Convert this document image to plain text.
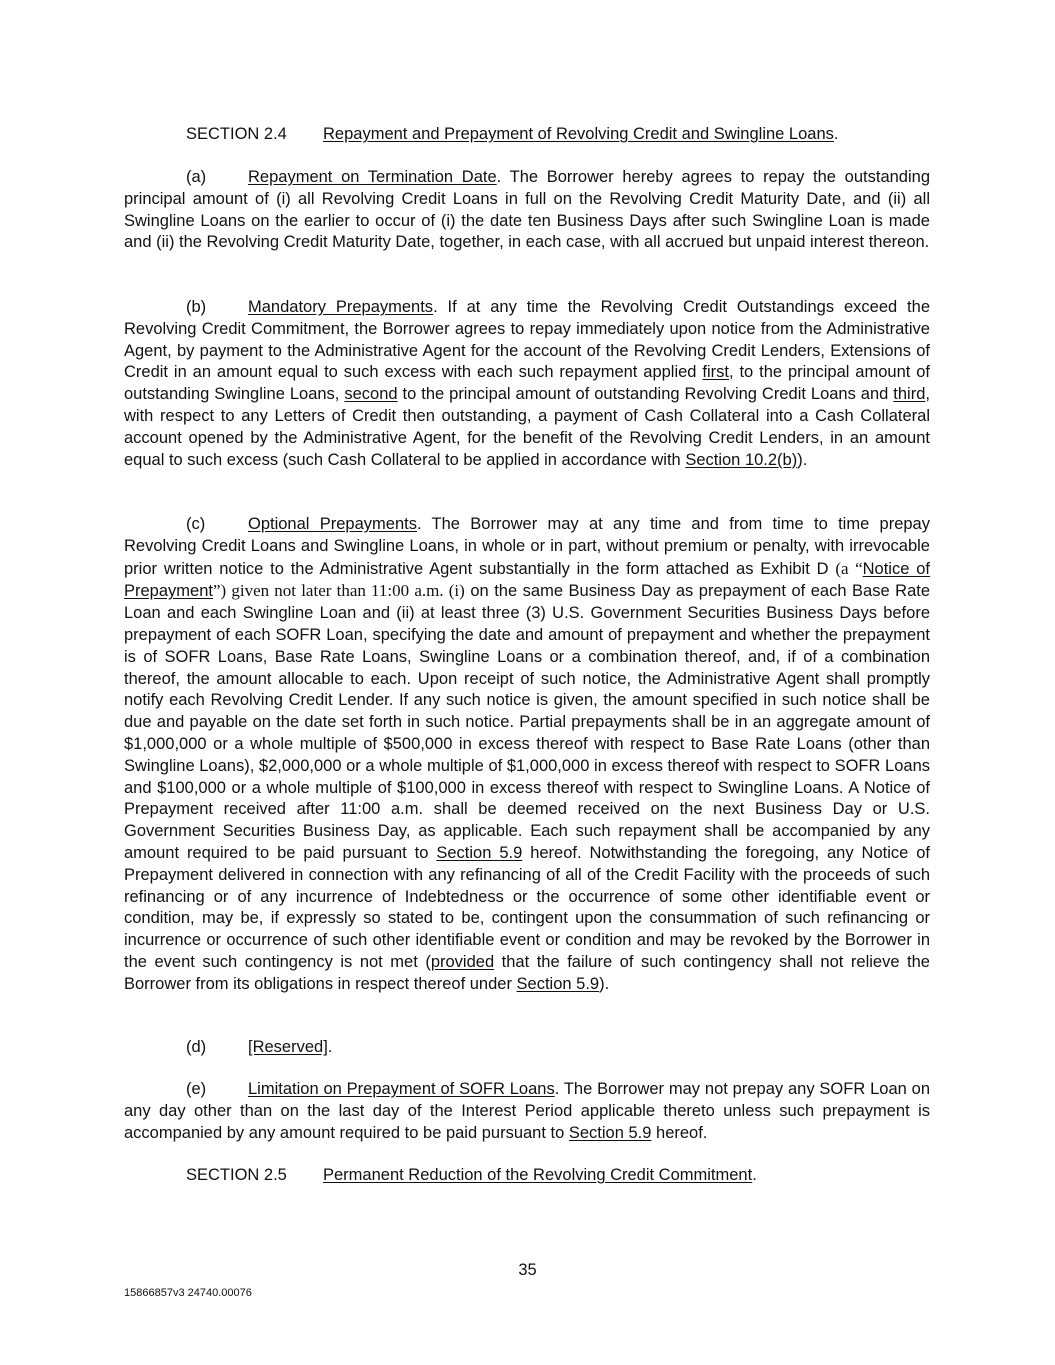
SECTION 2.4 Repayment and Prepayment of Revolving Credit and Swingline Loans.

(a)	Repayment on Termination Date. The Borrower hereby agrees to repay the outstanding principal amount of (i) all Revolving Credit Loans in full on the Revolving Credit Maturity Date, and (ii) all Swingline Loans on the earlier to occur of (i) the date ten Business Days after such Swingline Loan is made and (ii) the Revolving Credit Maturity Date, together, in each case, with all accrued but unpaid interest thereon.

(b)	Mandatory Prepayments. If at any time the Revolving Credit Outstandings exceed the Revolving Credit Commitment, the Borrower agrees to repay immediately upon notice from the Administrative Agent, by payment to the Administrative Agent for the account of the Revolving Credit Lenders, Extensions of Credit in an amount equal to such excess with each such repayment applied first, to the principal amount of outstanding Swingline Loans, second to the principal amount of outstanding Revolving Credit Loans and third, with respect to any Letters of Credit then outstanding, a payment of Cash Collateral into a Cash Collateral account opened by the Administrative Agent, for the benefit of the Revolving Credit Lenders, in an amount equal to such excess (such Cash Collateral to be applied in accordance with Section 10.2(b)).

(c)	Optional Prepayments. The Borrower may at any time and from time to time prepay Revolving Credit Loans and Swingline Loans, in whole or in part, without premium or penalty, with irrevocable prior written notice to the Administrative Agent substantially in the form attached as Exhibit D (a “Notice of Prepayment”) given not later than 11:00 a.m. (i) on the same Business Day as prepayment of each Base Rate Loan and each Swingline Loan and (ii) at least three (3) U.S. Government Securities Business Days before prepayment of each SOFR Loan, specifying the date and amount of prepayment and whether the prepayment is of SOFR Loans, Base Rate Loans, Swingline Loans or a combination thereof, and, if of a combination thereof, the amount allocable to each. Upon receipt of such notice, the Administrative Agent shall promptly notify each Revolving Credit Lender. If any such notice is given, the amount specified in such notice shall be due and payable on the date set forth in such notice. Partial prepayments shall be in an aggregate amount of $1,000,000 or a whole multiple of $500,000 in excess thereof with respect to Base Rate Loans (other than Swingline Loans), $2,000,000 or a whole multiple of $1,000,000 in excess thereof with respect to SOFR Loans and $100,000 or a whole multiple of $100,000 in excess thereof with respect to Swingline Loans. A Notice of Prepayment received after 11:00 a.m. shall be deemed received on the next Business Day or U.S. Government Securities Business Day, as applicable. Each such repayment shall be accompanied by any amount required to be paid pursuant to Section 5.9 hereof. Notwithstanding the foregoing, any Notice of Prepayment delivered in connection with any refinancing of all of the Credit Facility with the proceeds of such refinancing or of any incurrence of Indebtedness or the occurrence of some other identifiable event or condition, may be, if expressly so stated to be, contingent upon the consummation of such refinancing or incurrence or occurrence of such other identifiable event or condition and may be revoked by the Borrower in the event such contingency is not met (provided that the failure of such contingency shall not relieve the Borrower from its obligations in respect thereof under Section 5.9).

(d)	[Reserved].

(e)	Limitation on Prepayment of SOFR Loans. The Borrower may not prepay any SOFR Loan on any day other than on the last day of the Interest Period applicable thereto unless such prepayment is accompanied by any amount required to be paid pursuant to Section 5.9 hereof.

SECTION 2.5 Permanent Reduction of the Revolving Credit Commitment.
35
15866857v3 24740.00076
